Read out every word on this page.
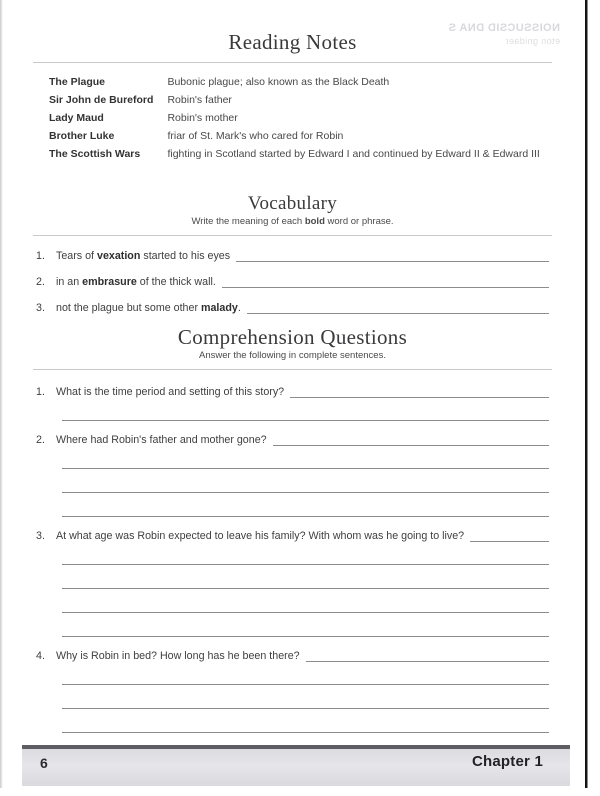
NOISSUCSID DNA S
eton gnidaer
Reading Notes
The Plague	Bubonic plague; also known as the Black Death
Sir John de Bureford	Robin's father
Lady Maud	Robin's mother
Brother Luke	friar of St. Mark's who cared for Robin
The Scottish Wars	fighting in Scotland started by Edward I and continued by Edward II & Edward III
Vocabulary
Write the meaning of each bold word or phrase.
1.	Tears of vexation started to his eyes
2.	in an embrasure of the thick wall.
3.	not the plague but some other malady.
Comprehension Questions
Answer the following in complete sentences.
1.	What is the time period and setting of this story?
2.	Where had Robin's father and mother gone?
3.	At what age was Robin expected to leave his family? With whom was he going to live?
4.	Why is Robin in bed? How long has he been there?
6	Chapter 1
